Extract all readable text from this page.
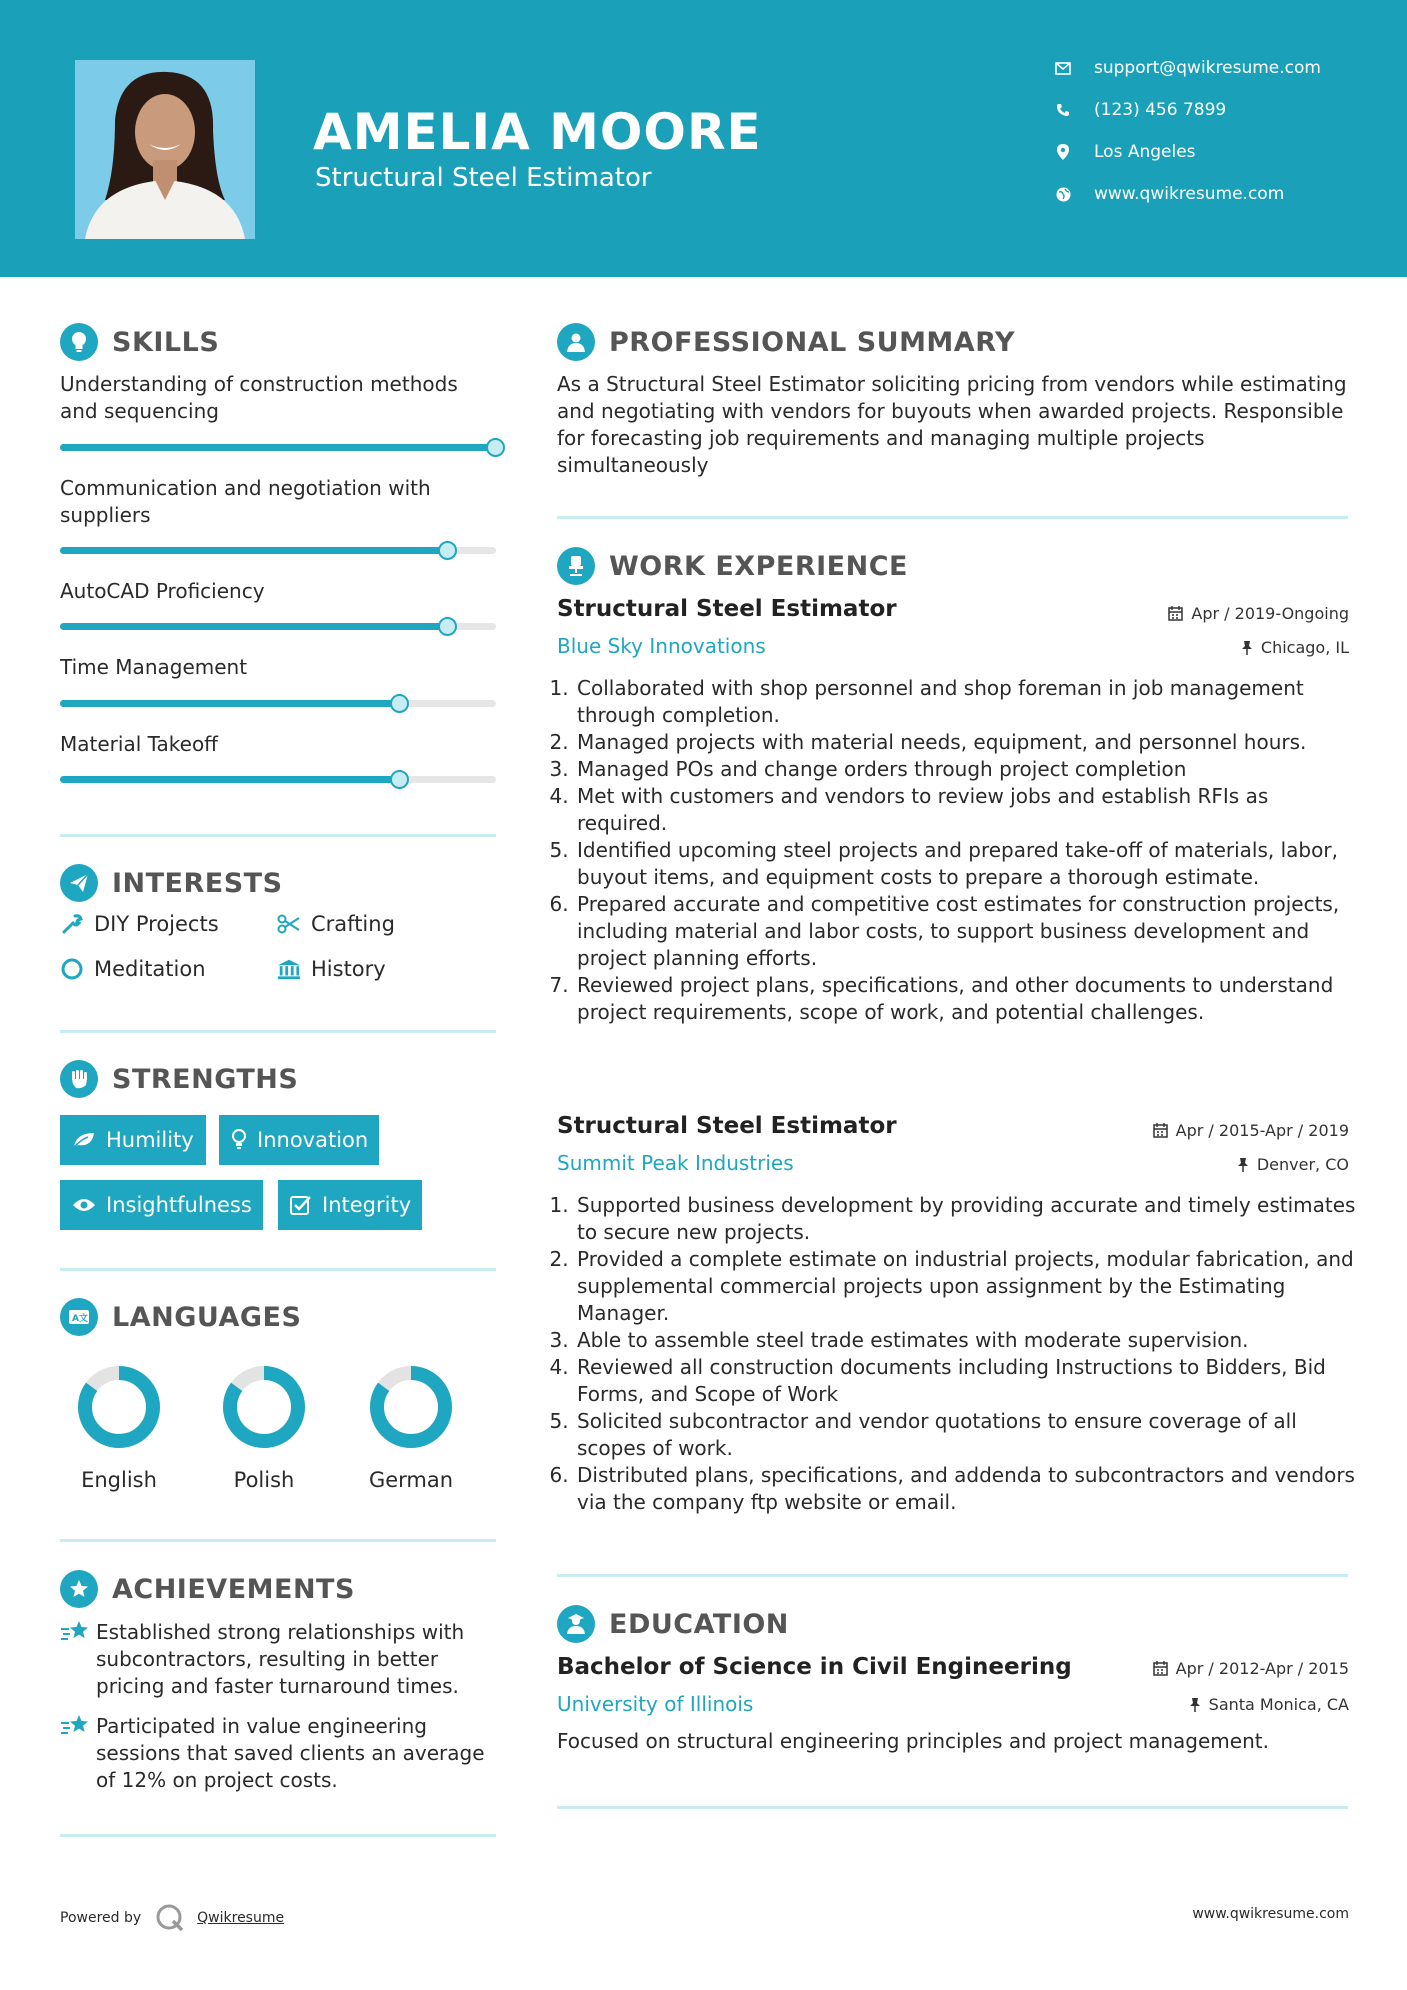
AMELIA MOORE
Structural Steel Estimator
support@qwikresume.com
(123) 456 7899
Los Angeles
www.qwikresume.com
SKILLS
Understanding of construction methods and sequencing
Communication and negotiation with suppliers
AutoCAD Proficiency
Time Management
Material Takeoff
INTERESTS
DIY Projects	Crafting
Meditation	History
STRENGTHS
Humility	Innovation
Insightfulness	Integrity
A文 LANGUAGES
English	Polish	German
ACHIEVEMENTS
Established strong relationships with subcontractors, resulting in better pricing and faster turnaround times.
Participated in value engineering sessions that saved clients an average of 12% on project costs.
PROFESSIONAL SUMMARY
As a Structural Steel Estimator soliciting pricing from vendors while estimating and negotiating with vendors for buyouts when awarded projects. Responsible for forecasting job requirements and managing multiple projects simultaneously
WORK EXPERIENCE
Structural Steel Estimator	Apr / 2019-Ongoing
Blue Sky Innovations	Chicago, IL
1. Collaborated with shop personnel and shop foreman in job management through completion.
2. Managed projects with material needs, equipment, and personnel hours.
3. Managed POs and change orders through project completion
4. Met with customers and vendors to review jobs and establish RFIs as required.
5. Identified upcoming steel projects and prepared take-off of materials, labor, buyout items, and equipment costs to prepare a thorough estimate.
6. Prepared accurate and competitive cost estimates for construction projects, including material and labor costs, to support business development and project planning efforts.
7. Reviewed project plans, specifications, and other documents to understand project requirements, scope of work, and potential challenges.
Structural Steel Estimator	Apr / 2015-Apr / 2019
Summit Peak Industries	Denver, CO
1. Supported business development by providing accurate and timely estimates to secure new projects.
2. Provided a complete estimate on industrial projects, modular fabrication, and supplemental commercial projects upon assignment by the Estimating Manager.
3. Able to assemble steel trade estimates with moderate supervision.
4. Reviewed all construction documents including Instructions to Bidders, Bid Forms, and Scope of Work
5. Solicited subcontractor and vendor quotations to ensure coverage of all scopes of work.
6. Distributed plans, specifications, and addenda to subcontractors and vendors via the company ftp website or email.
EDUCATION
Bachelor of Science in Civil Engineering	Apr / 2012-Apr / 2015
University of Illinois	Santa Monica, CA
Focused on structural engineering principles and project management.
Powered by	Qwikresume	www.qwikresume.com
